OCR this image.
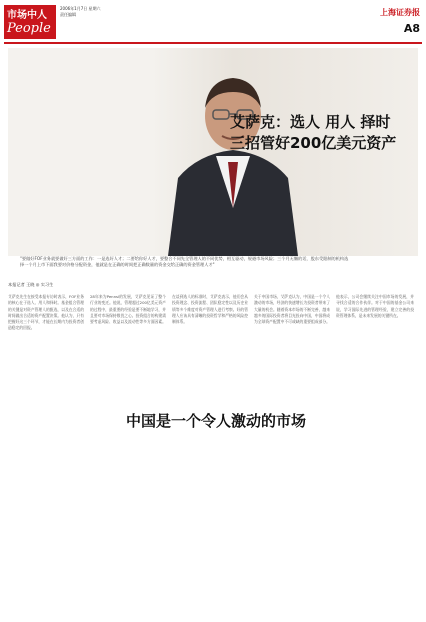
市场中人
People
2006年1月7日 星期六
责任编辑	上海证券报
A8
艾萨克：选人 用人 择时
三招管好200亿美元资产
"要做好FOF业务就要做好三方面的工作：一是选好人才；二要给你好人才，要整合不同先全管理人的不同优势，相互驱动，规避市场风险；三个月无懈的话，股东受限制的机构选择一个月上市下面我要对价格分配资金，他就是在正确的时间把正确数量的资金交给正确的资金管理人才"
本报记者 王晓 ◎ 实习生
艾萨克先生在接受本报专访时表示，FOF业务的核心在于选人、用人和择时。基金组合管理的关键是对资产管理人的甄选，以及在合适的时间做出合适的资产配置决策。他认为，只有把握好这三个环节，才能在长期内为投资者创造稳定的回报。
28年来为Pennsl的发展，艾萨克见证了整个行业的变迁。他说，管理超过200亿美元资产的过程中，最重要的经验是要不断地学习，并且要对市场保持敬畏之心。投资组合的构建需要考虑风险、收益以及流动性等多方面因素。
在谈到选人的标准时，艾萨克表示，他们会从投资理念、投资流程、团队稳定性以及历史业绩等多个维度对资产管理人进行考察。好的管理人应该具有清晰的投资哲学和严格的风险控制体系。
关于中国市场，艾萨克认为，中国是一个令人激动的市场，经济的快速增长为投资者带来了大量的机会。随着资本市场的不断完善，越来越多的国际投资者将目光投向中国，中国将成为全球资产配置中不可或缺的重要组成部分。
他表示，公司会继续关注中国市场的发展，并寻找合适的合作伙伴。对于中国的基金公司来说，学习国际先进的管理经验，建立完善的投资管理体系，是未来发展的关键所在。
中国是一个令人激动的市场
